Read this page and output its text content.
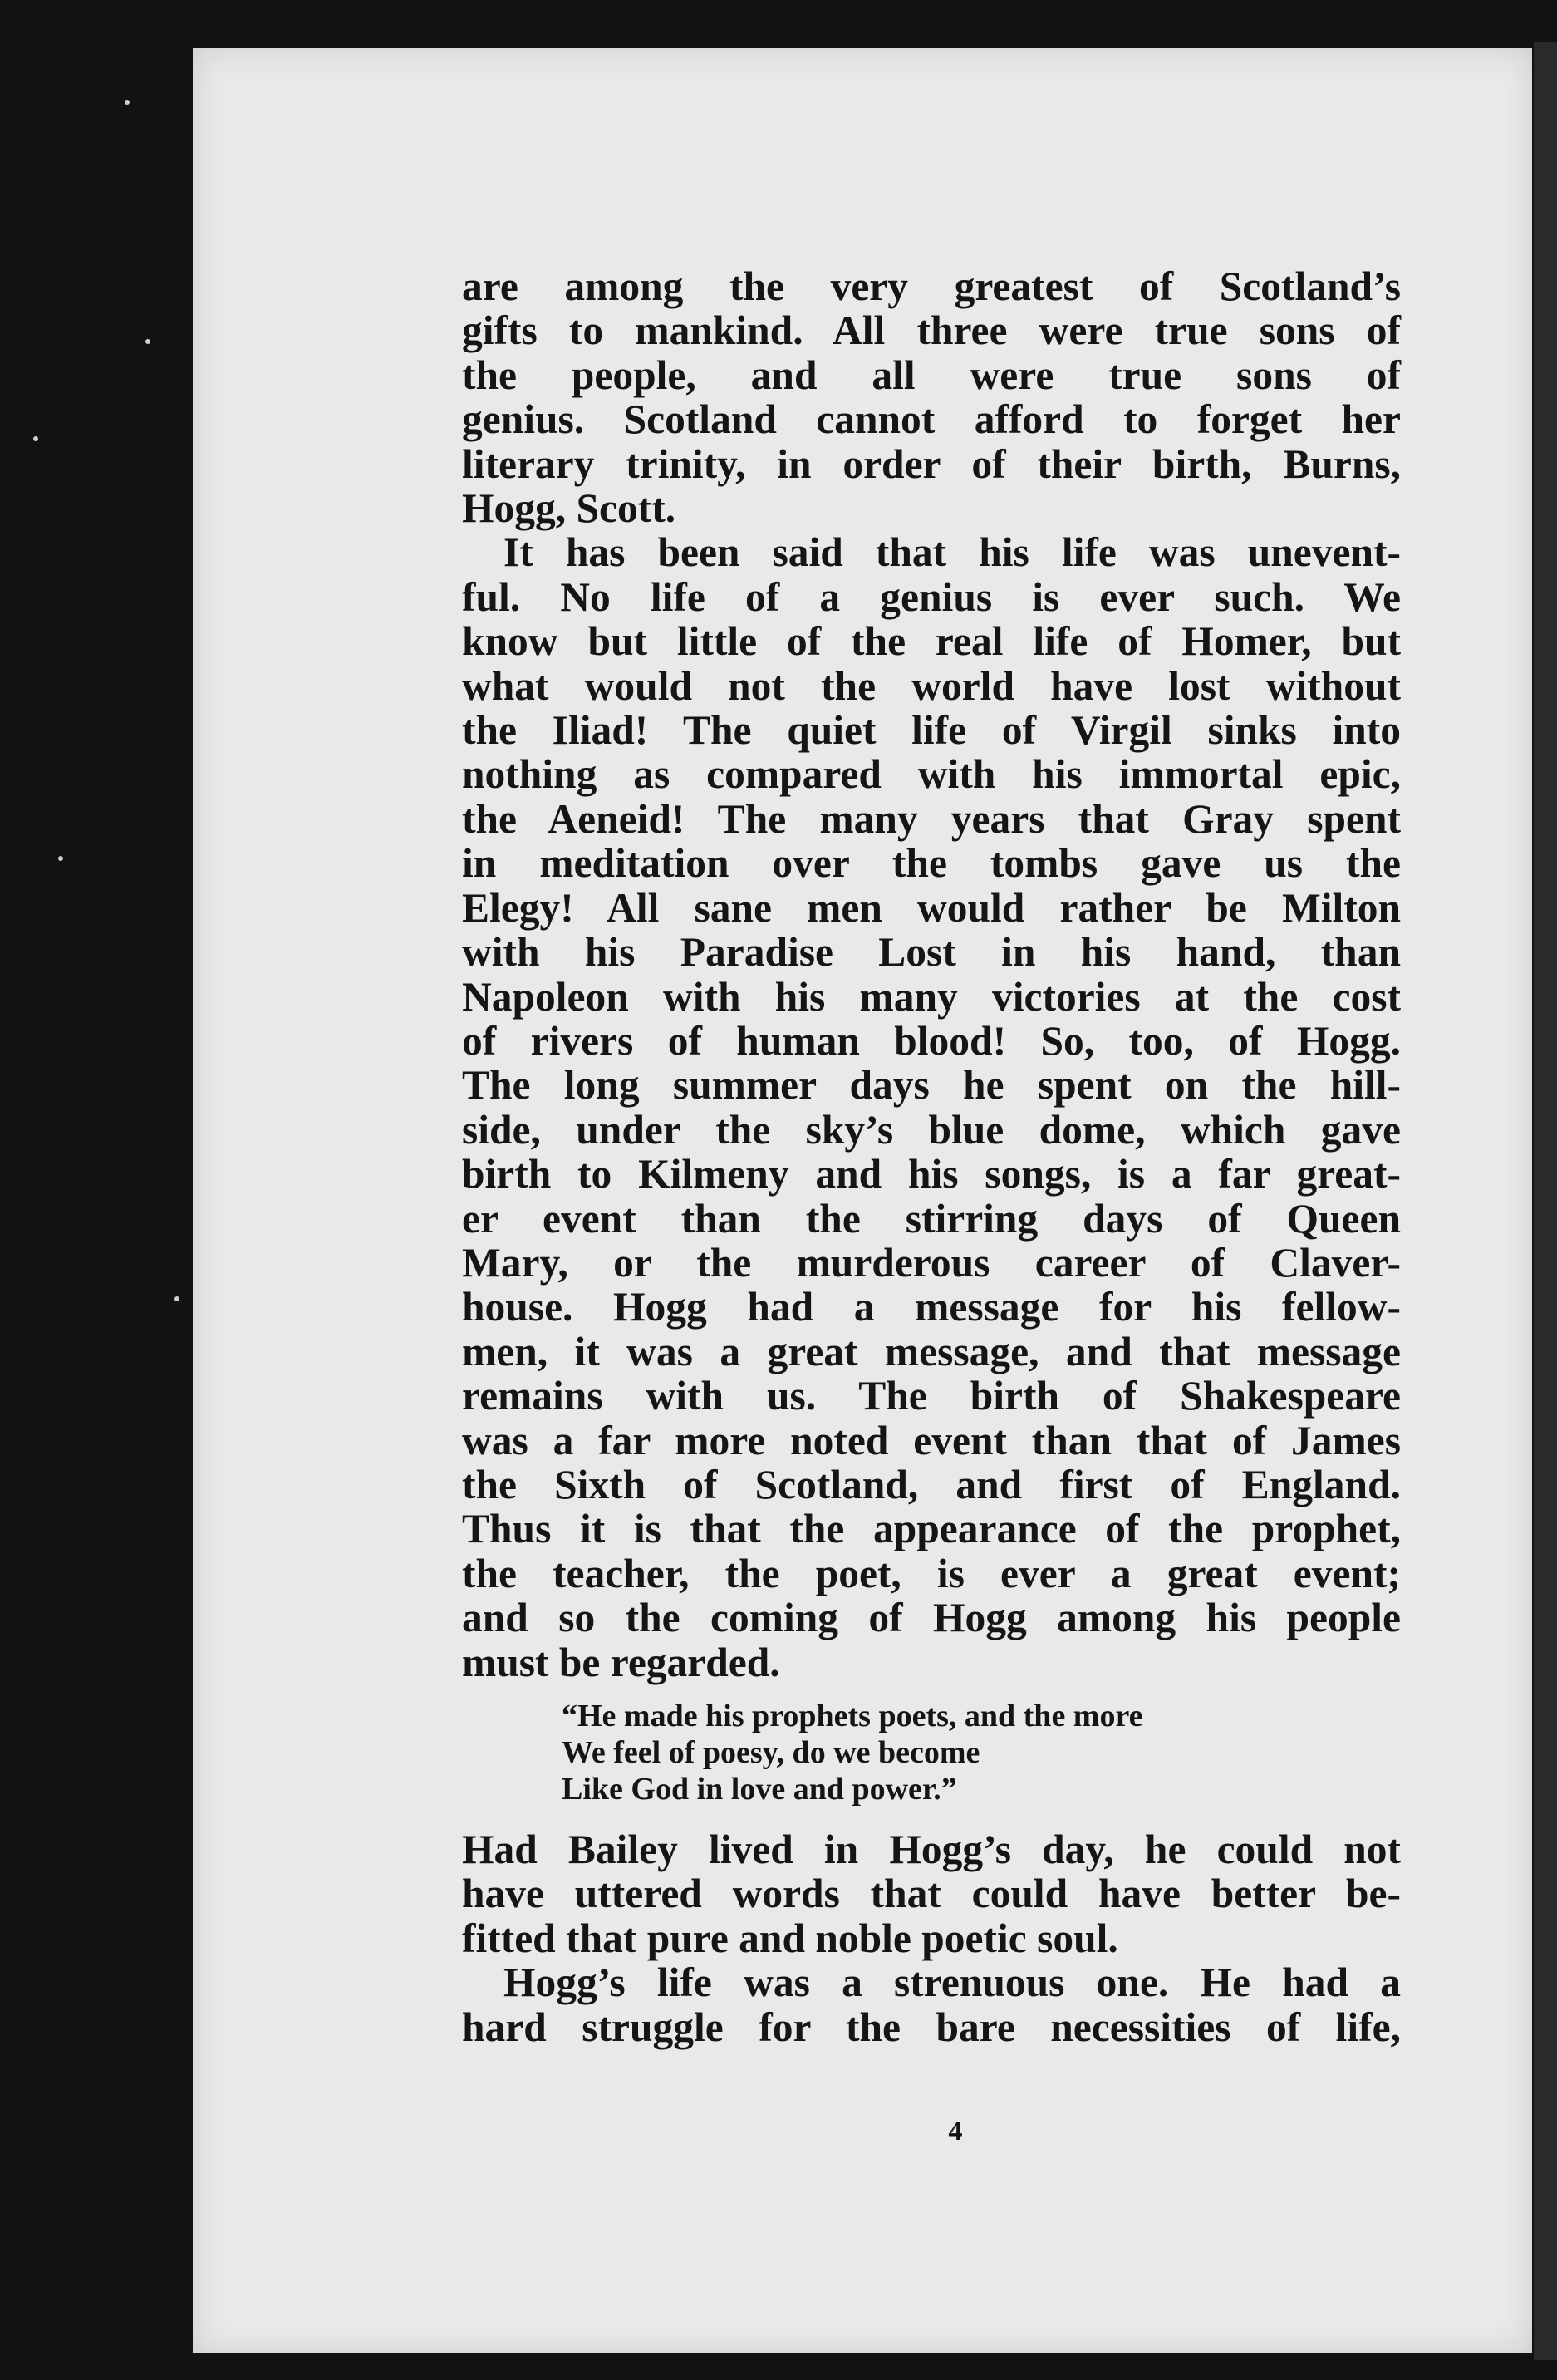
are among the very greatest of Scotland’s
gifts to mankind. All three were true sons of
the people, and all were true sons of
genius. Scotland cannot afford to forget her
literary trinity, in order of their birth, Burns,
Hogg, Scott.

It has been said that his life was unevent-
ful. No life of a genius is ever such. We
know but little of the real life of Homer, but
what would not the world have lost without
the Iliad! The quiet life of Virgil sinks into
nothing as compared with his immortal epic,
the Aeneid! The many years that Gray spent
in meditation over the tombs gave us the
Elegy! All sane men would rather be Milton
with his Paradise Lost in his hand, than
Napoleon with his many victories at the cost
of rivers of human blood! So, too, of Hogg.
The long summer days he spent on the hill-
side, under the sky’s blue dome, which gave
birth to Kilmeny and his songs, is a far great-
er event than the stirring days of Queen
Mary, or the murderous career of Claver-
house. Hogg had a message for his fellow-
men, it was a great message, and that message
remains with us. The birth of Shakespeare
was a far more noted event than that of James
the Sixth of Scotland, and first of England.
Thus it is that the appearance of the prophet,
the teacher, the poet, is ever a great event;
and so the coming of Hogg among his people
must be regarded.

“He made his prophets poets, and the more
We feel of poesy, do we become
Like God in love and power.”

Had Bailey lived in Hogg’s day, he could not
have uttered words that could have better be-
fitted that pure and noble poetic soul.

Hogg’s life was a strenuous one. He had a
hard struggle for the bare necessities of life,

4
